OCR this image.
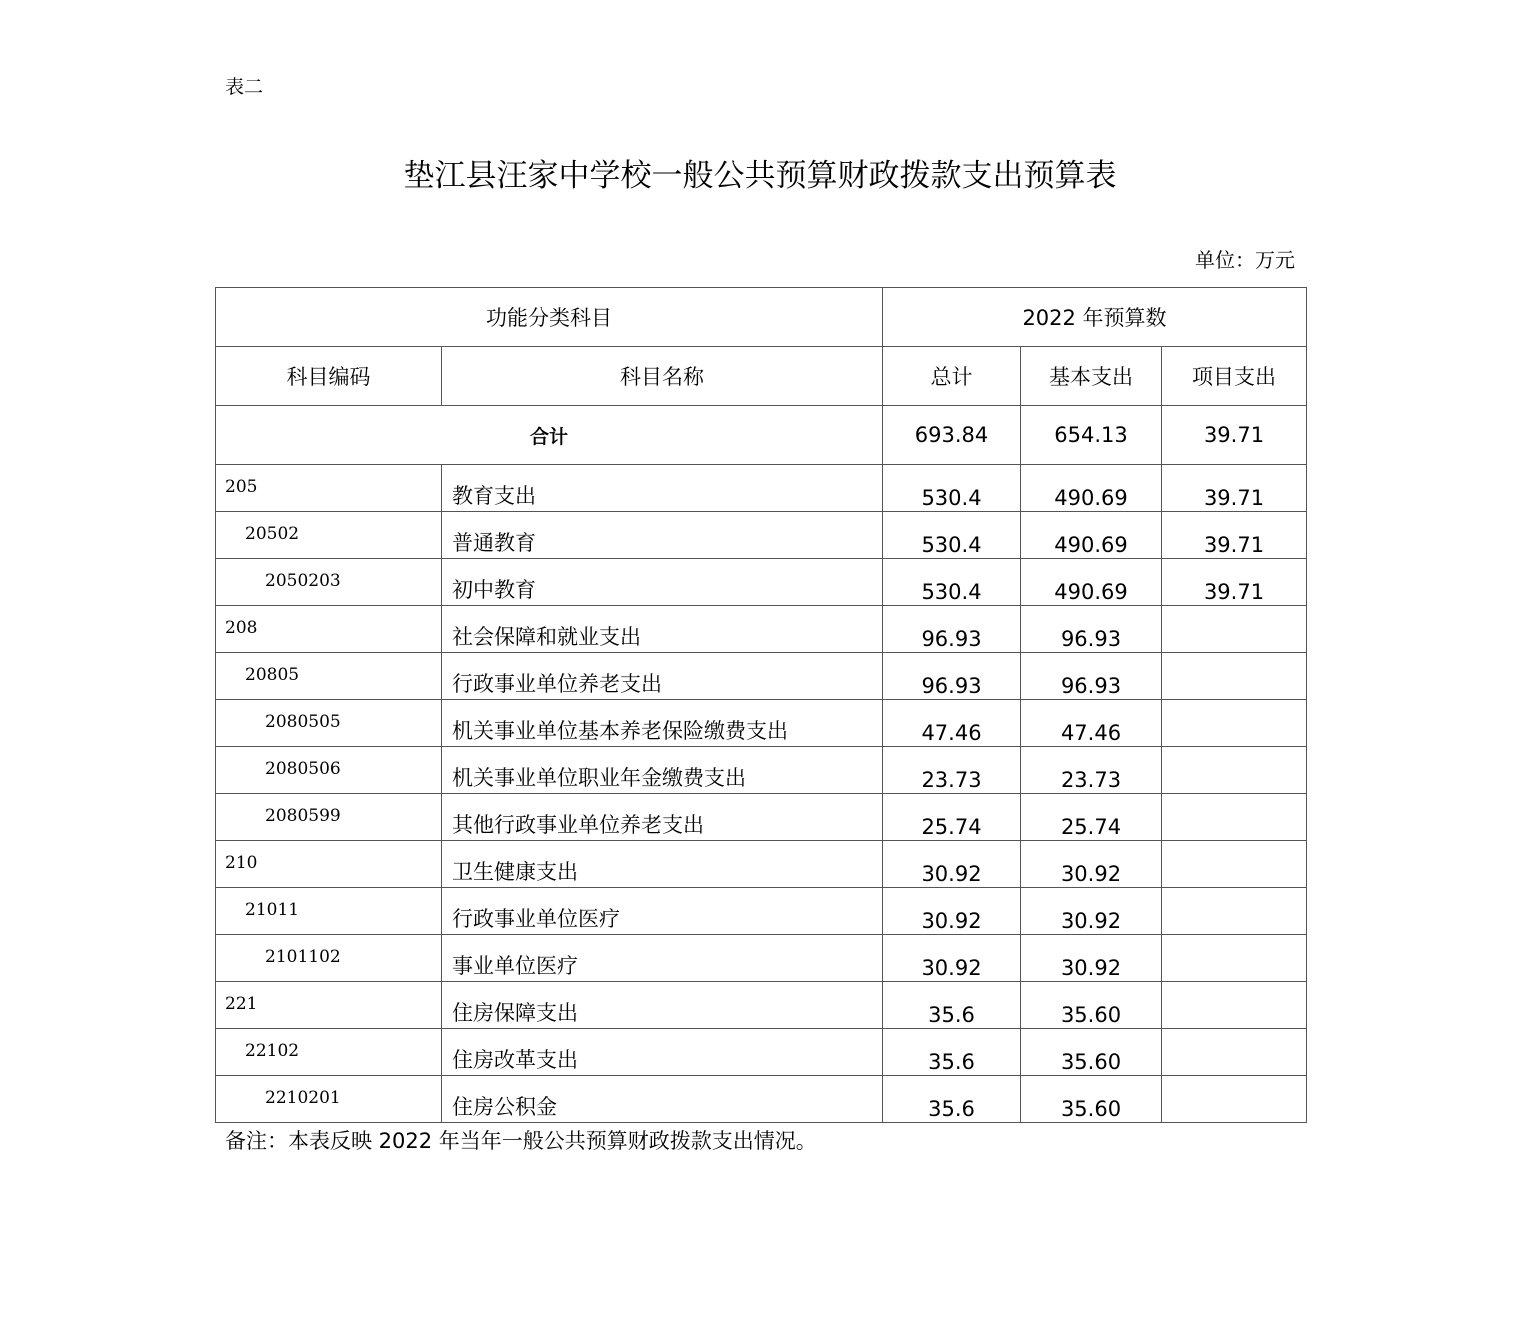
表二
垫江县汪家中学校一般公共预算财政拨款支出预算表
单位：万元
功能分类科目		2022 年预算数		
科目编码	科目名称	总计	基本支出	项目支出
合计		693.84	654.13	39.71
205	教育支出	530.4	490.69	39.71
20502	普通教育	530.4	490.69	39.71
2050203	初中教育	530.4	490.69	39.71
208	社会保障和就业支出	96.93	96.93	
20805	行政事业单位养老支出	96.93	96.93	
2080505	机关事业单位基本养老保险缴费支出	47.46	47.46	
2080506	机关事业单位职业年金缴费支出	23.73	23.73	
2080599	其他行政事业单位养老支出	25.74	25.74	
210	卫生健康支出	30.92	30.92	
21011	行政事业单位医疗	30.92	30.92	
2101102	事业单位医疗	30.92	30.92	
221	住房保障支出	35.6	35.60	
22102	住房改革支出	35.6	35.60	
2210201	住房公积金	35.6	35.60	
备注：本表反映 2022 年当年一般公共预算财政拨款支出情况。
